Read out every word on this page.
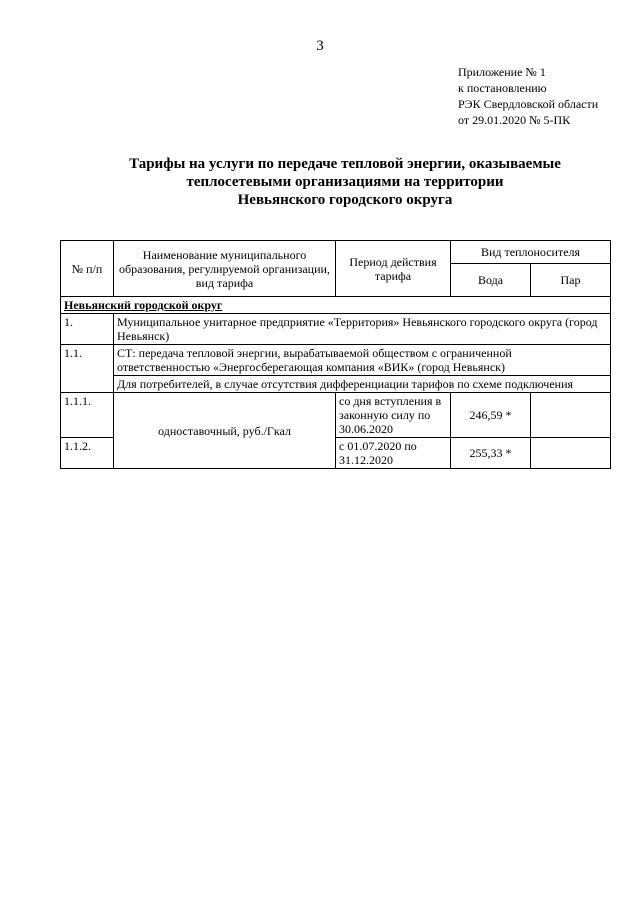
3
Приложение № 1
к постановлению
РЭК Свердловской области
от 29.01.2020 № 5-ПК
Тарифы на услуги по передаче тепловой энергии, оказываемые
теплосетевыми организациями на территории
Невьянского городского округа
№ п/п	Наименование муниципального образования, регулируемой организации, вид тарифа	Период действия тарифа	Вид теплоносителя	
			Вода	Пар
Невьянский городской округ				
1.	Муниципальное унитарное предприятие «Территория» Невьянского городского округа (город Невьянск)			
1.1.	СТ: передача тепловой энергии, вырабатываемой обществом с ограниченной ответственностью «Энергосберегающая компания «ВИК» (город Невьянск)			
	Для потребителей, в случае отсутствия дифференциации тарифов по схеме подключения			
1.1.1.	одноставочный, руб./Гкал	со дня вступления в законную силу по 30.06.2020	246,59 *	
1.1.2.		с 01.07.2020 по 31.12.2020	255,33 *	
